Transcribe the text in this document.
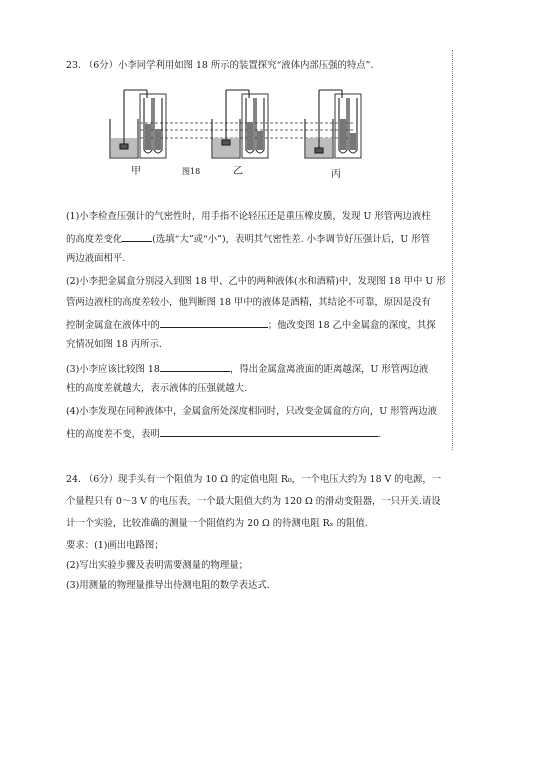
23. （6分）小李同学利用如图 18 所示的装置探究“液体内部压强的特点”.
甲	图18	乙	丙
(1)小李检查压强计的气密性时，用手指不论轻压还是重压橡皮膜，发现 U 形管两边液柱
的高度差变化	(选填“大”或“小”)，表明其气密性差. 小李调节好压强计后，U 形管
两边液面相平.
(2)小李把金属盒分别浸入到图 18 甲、乙中的两种液体(水和酒精)中，发现图 18 甲中 U 形
管两边液柱的高度差较小，他判断图 18 甲中的液体是酒精，其结论不可靠，原因是没有
控制金属盒在液体中的	；他改变图 18 乙中金属盒的深度，其探
究情况如图 18 丙所示.
(3)小李应该比较图 18	，得出金属盒离液面的距离越深，U 形管两边液
柱的高度差就越大，表示液体的压强就越大.
(4)小李发现在同种液体中，金属盒所处深度相同时，只改变金属盒的方向，U 形管两边液
柱的高度差不变，表明	.
24. （6分）现手头有一个阻值为 10 Ω 的定值电阻 R₀，一个电压大约为 18 V 的电源，一
个量程只有 0～3 V 的电压表，一个最大阻值大约为 120 Ω 的滑动变阻器，一只开关.请设
计一个实验，比较准确的测量一个阻值约为 20 Ω 的待测电阻 Rₓ 的阻值.
要求：(1)画出电路图；
(2)写出实验步骤及表明需要测量的物理量；
(3)用测量的物理量推导出待测电阻的数学表达式.
